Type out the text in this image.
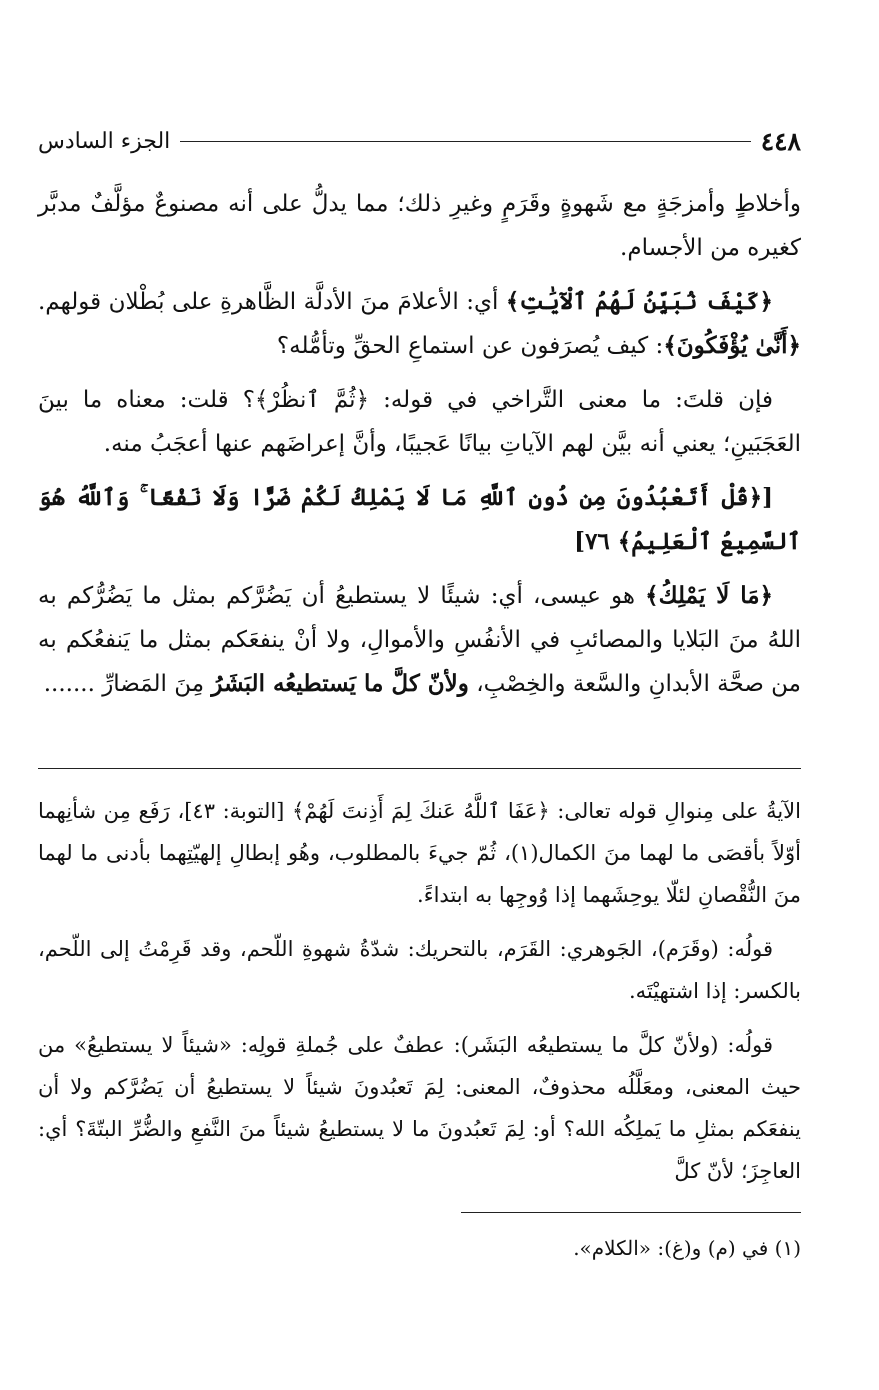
٤٤٨
الجزء السادس

وأخلاطٍ وأمزجَةٍ مع شَهوةٍ وقَرَمٍ وغيرِ ذلك؛ مما يدلُّ على أنه مصنوعٌ مؤلَّفٌ مدبَّر كغيره من الأجسام.

﴿كَيْفَ نُبَيِّنُ لَهُمُ ٱلْآيَٰتِ﴾ أي: الأعلامَ منَ الأدلَّة الظَّاهرةِ على بُطْلان قولهم. ﴿أَنَّىٰ يُؤْفَكُونَ﴾: كيف يُصرَفون عن استماعِ الحقِّ وتأمُّله؟

فإن قلتَ: ما معنى التَّراخي في قوله: ﴿ثُمَّ ٱنظُرْ﴾؟ قلت: معناه ما بينَ العَجَبَينِ؛ يعني أنه بيَّن لهم الآياتِ بيانًا عَجيبًا، وأنَّ إعراضَهم عنها أعجَبُ منه.

[﴿قُلْ أَتَعْبُدُونَ مِن دُونِ ٱللَّهِ مَا لَا يَمْلِكُ لَكُمْ ضَرًّا وَلَا نَفْعًا ۚ وَٱللَّهُ هُوَ ٱلسَّمِيعُ ٱلْعَلِيمُ﴾ ٧٦]

﴿مَا لَا يَمْلِكُ﴾ هو عيسى، أي: شيئًا لا يستطيعُ أن يَضُرَّكم بمثل ما يَضُرُّكم به اللهُ منَ البَلايا والمصائبِ في الأنفُسِ والأموالِ، ولا أنْ ينفعَكم بمثل ما يَنفعُكم به من صحَّة الأبدانِ والسَّعة والخِصْبِ، ولأنّ كلَّ ما يَستطيعُه البَشَرُ مِنَ المَضارِّ .......

الآيةُ على مِنوالِ قوله تعالى: ﴿عَفَا ٱللَّهُ عَنكَ لِمَ أَذِنتَ لَهُمْ﴾ [التوبة: ٤٣]، رَفَع مِن شأنِهما أوّلاً بأقصَى ما لهما منَ الكمال(١)، ثُمّ جيءَ بالمطلوب، وهُو إبطالِ إلهيّتِهما بأدنى ما لهما منَ النُّقْصانِ لئلّا يوحِشَهما إذا وُوجِها به ابتداءً.

قولُه: (وقَرَم)، الجَوهري: القَرَم، بالتحريك: شدّةُ شهوةِ اللّحم، وقد قَرِمْتُ إلى اللّحم، بالكسر: إذا اشتهيْتَه.

قولُه: (ولأنّ كلَّ ما يستطيعُه البَشَر): عطفٌ على جُملةِ قولِه: «شيئاً لا يستطيعُ» من حيث المعنى، ومعَلَّلُه محذوفٌ، المعنى: لِمَ تَعبُدونَ شيئاً لا يستطيعُ أن يَضُرَّكم ولا أن ينفعَكم بمثلِ ما يَملِكُه الله؟ أو: لِمَ تَعبُدونَ ما لا يستطيعُ شيئاً منَ النَّفعِ والضُّرِّ البتّةَ؟ أي: العاجِزَ؛ لأنّ كلَّ

(١) في (م) و(غ): «الكلام».
